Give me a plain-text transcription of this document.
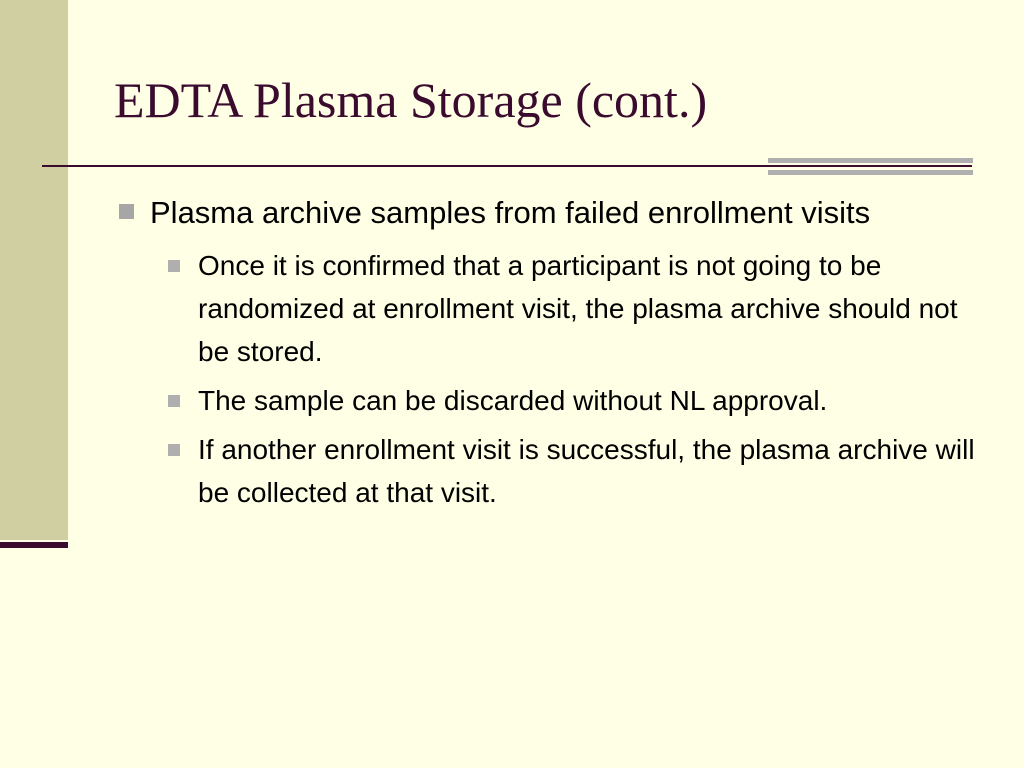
EDTA Plasma Storage (cont.)
Plasma archive samples from failed enrollment visits
Once it is confirmed that a participant is not going to be randomized at enrollment visit, the plasma archive should not be stored.
The sample can be discarded without NL approval.
If another enrollment visit is successful, the plasma archive will be collected at that visit.
